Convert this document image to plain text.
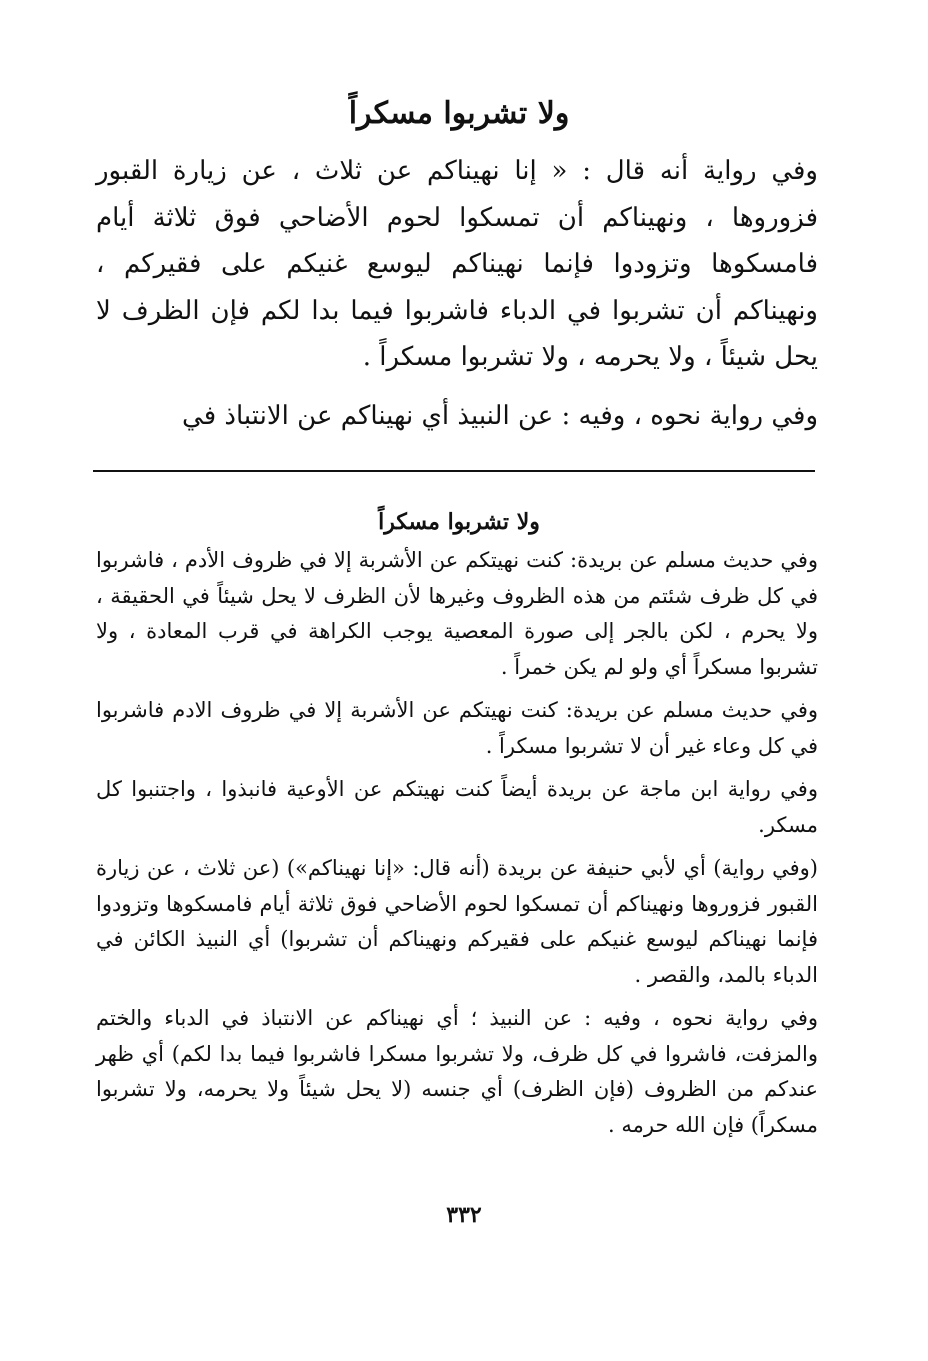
ولا تشربوا مسكراً

وفي رواية أنه قال : « إنا نهيناكم عن ثلاث ، عن زيارة القبور فزوروها ، ونهيناكم أن تمسكوا لحوم الأضاحي فوق ثلاثة أيام فامسكوها وتزودوا فإنما نهيناكم ليوسع غنيكم على فقيركم ، ونهيناكم أن تشربوا في الدباء فاشربوا فيما بدا لكم فإن الظرف لا يحل شيئاً ، ولا يحرمه ، ولا تشربوا مسكراً .

وفي رواية نحوه ، وفيه : عن النبيذ أي نهيناكم عن الانتباذ في

ولا تشربوا مسكراً

وفي حديث مسلم عن بريدة: كنت نهيتكم عن الأشربة إلا في ظروف الأدم ، فاشربوا في كل ظرف شئتم من هذه الظروف وغيرها لأن الظرف لا يحل شيئاً في الحقيقة ، ولا يحرم ، لكن بالجر إلى صورة المعصية يوجب الكراهة في قرب المعادة ، ولا تشربوا مسكراً أي ولو لم يكن خمراً .

وفي حديث مسلم عن بريدة: كنت نهيتكم عن الأشربة إلا في ظروف الادم فاشربوا في كل وعاء غير أن لا تشربوا مسكراً .

وفي رواية ابن ماجة عن بريدة أيضاً كنت نهيتكم عن الأوعية فانبذوا ، واجتنبوا كل مسكر.

(وفي رواية) أي لأبي حنيفة عن بريدة (أنه قال: «إنا نهيناكم») (عن ثلاث ، عن زيارة القبور فزوروها ونهيناكم أن تمسكوا لحوم الأضاحي فوق ثلاثة أيام فامسكوها وتزودوا فإنما نهيناكم ليوسع غنيكم على فقيركم ونهيناكم أن تشربوا) أي النبيذ الكائن في الدباء بالمد، والقصر .

وفي رواية نحوه ، وفيه : عن النبيذ ؛ أي نهيناكم عن الانتباذ في الدباء والختم والمزفت، فاشروا في كل ظرف، ولا تشربوا مسكرا فاشربوا فيما بدا لكم) أي ظهر عندكم من الظروف (فإن الظرف) أي جنسه (لا يحل شيئاً ولا يحرمه، ولا تشربوا مسكراً) فإن الله حرمه .

٣٣٢
